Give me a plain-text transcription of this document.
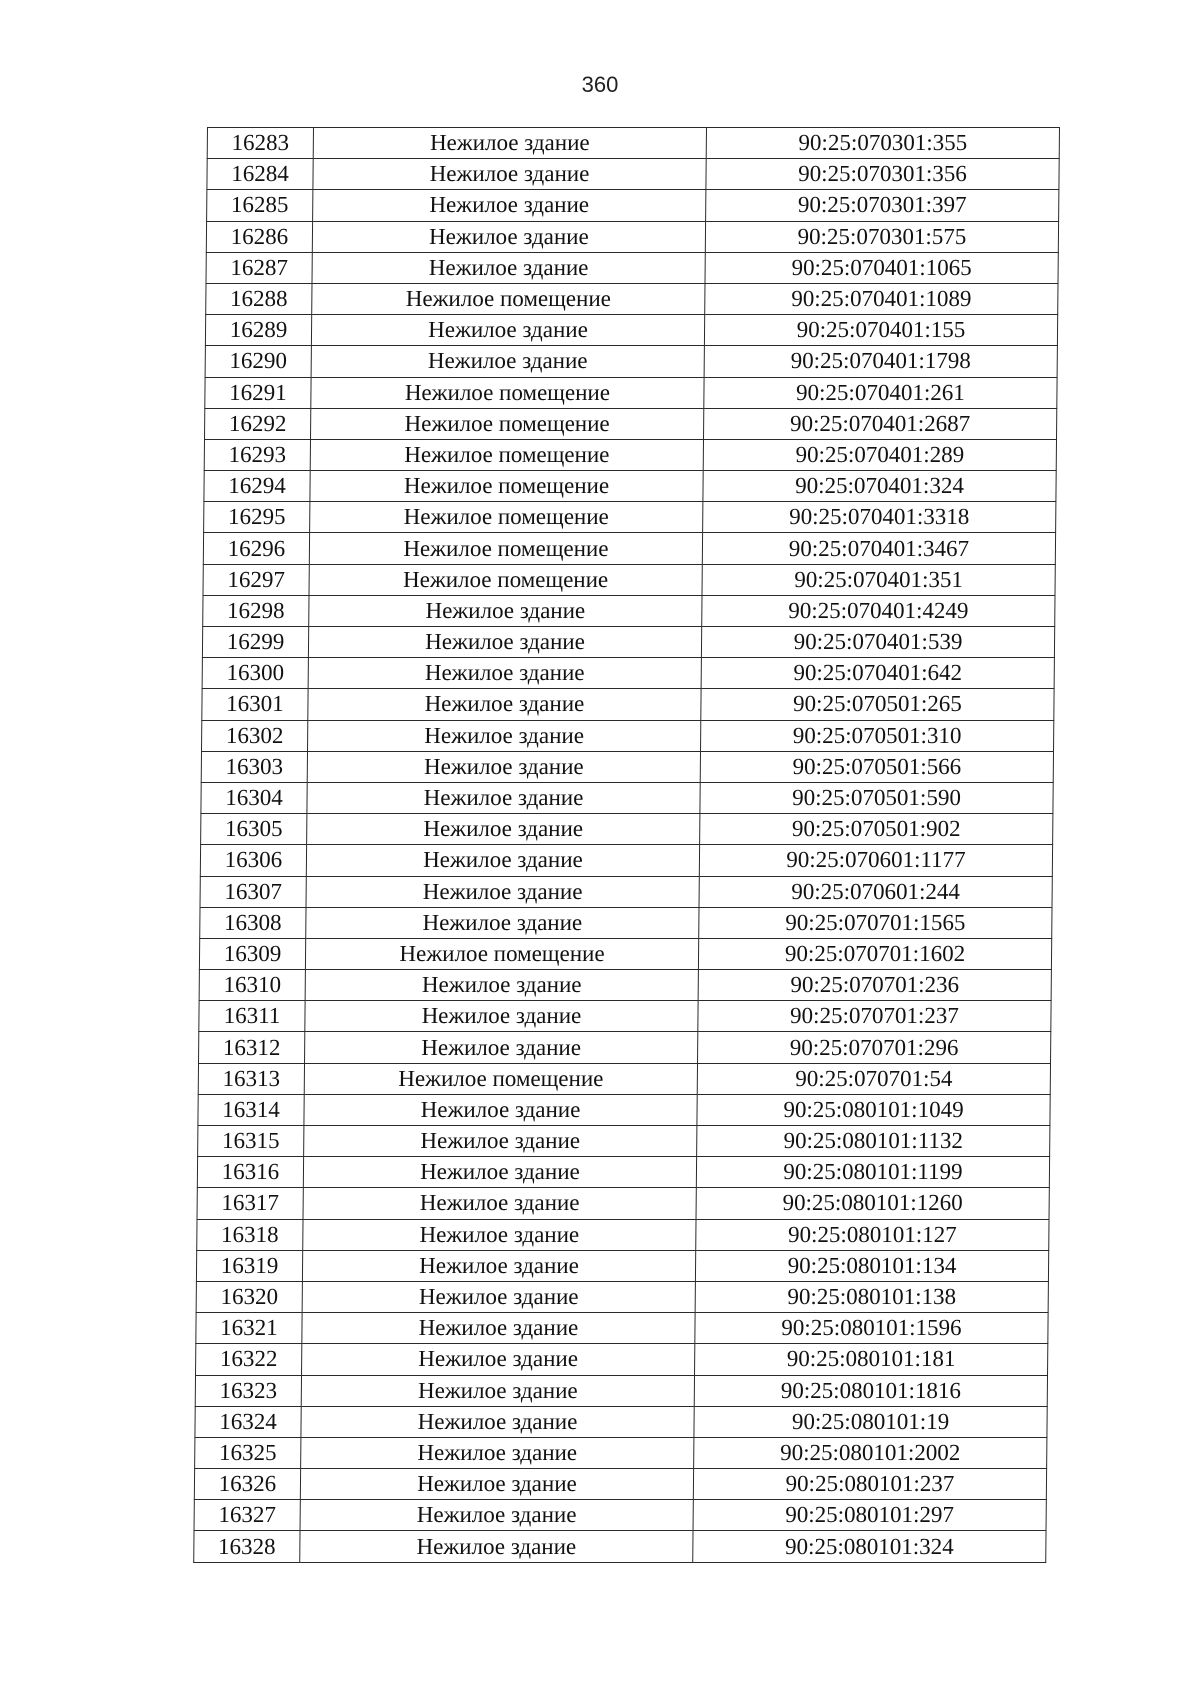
360
16283	Нежилое здание	90:25:070301:355
16284	Нежилое здание	90:25:070301:356
16285	Нежилое здание	90:25:070301:397
16286	Нежилое здание	90:25:070301:575
16287	Нежилое здание	90:25:070401:1065
16288	Нежилое помещение	90:25:070401:1089
16289	Нежилое здание	90:25:070401:155
16290	Нежилое здание	90:25:070401:1798
16291	Нежилое помещение	90:25:070401:261
16292	Нежилое помещение	90:25:070401:2687
16293	Нежилое помещение	90:25:070401:289
16294	Нежилое помещение	90:25:070401:324
16295	Нежилое помещение	90:25:070401:3318
16296	Нежилое помещение	90:25:070401:3467
16297	Нежилое помещение	90:25:070401:351
16298	Нежилое здание	90:25:070401:4249
16299	Нежилое здание	90:25:070401:539
16300	Нежилое здание	90:25:070401:642
16301	Нежилое здание	90:25:070501:265
16302	Нежилое здание	90:25:070501:310
16303	Нежилое здание	90:25:070501:566
16304	Нежилое здание	90:25:070501:590
16305	Нежилое здание	90:25:070501:902
16306	Нежилое здание	90:25:070601:1177
16307	Нежилое здание	90:25:070601:244
16308	Нежилое здание	90:25:070701:1565
16309	Нежилое помещение	90:25:070701:1602
16310	Нежилое здание	90:25:070701:236
16311	Нежилое здание	90:25:070701:237
16312	Нежилое здание	90:25:070701:296
16313	Нежилое помещение	90:25:070701:54
16314	Нежилое здание	90:25:080101:1049
16315	Нежилое здание	90:25:080101:1132
16316	Нежилое здание	90:25:080101:1199
16317	Нежилое здание	90:25:080101:1260
16318	Нежилое здание	90:25:080101:127
16319	Нежилое здание	90:25:080101:134
16320	Нежилое здание	90:25:080101:138
16321	Нежилое здание	90:25:080101:1596
16322	Нежилое здание	90:25:080101:181
16323	Нежилое здание	90:25:080101:1816
16324	Нежилое здание	90:25:080101:19
16325	Нежилое здание	90:25:080101:2002
16326	Нежилое здание	90:25:080101:237
16327	Нежилое здание	90:25:080101:297
16328	Нежилое здание	90:25:080101:324
